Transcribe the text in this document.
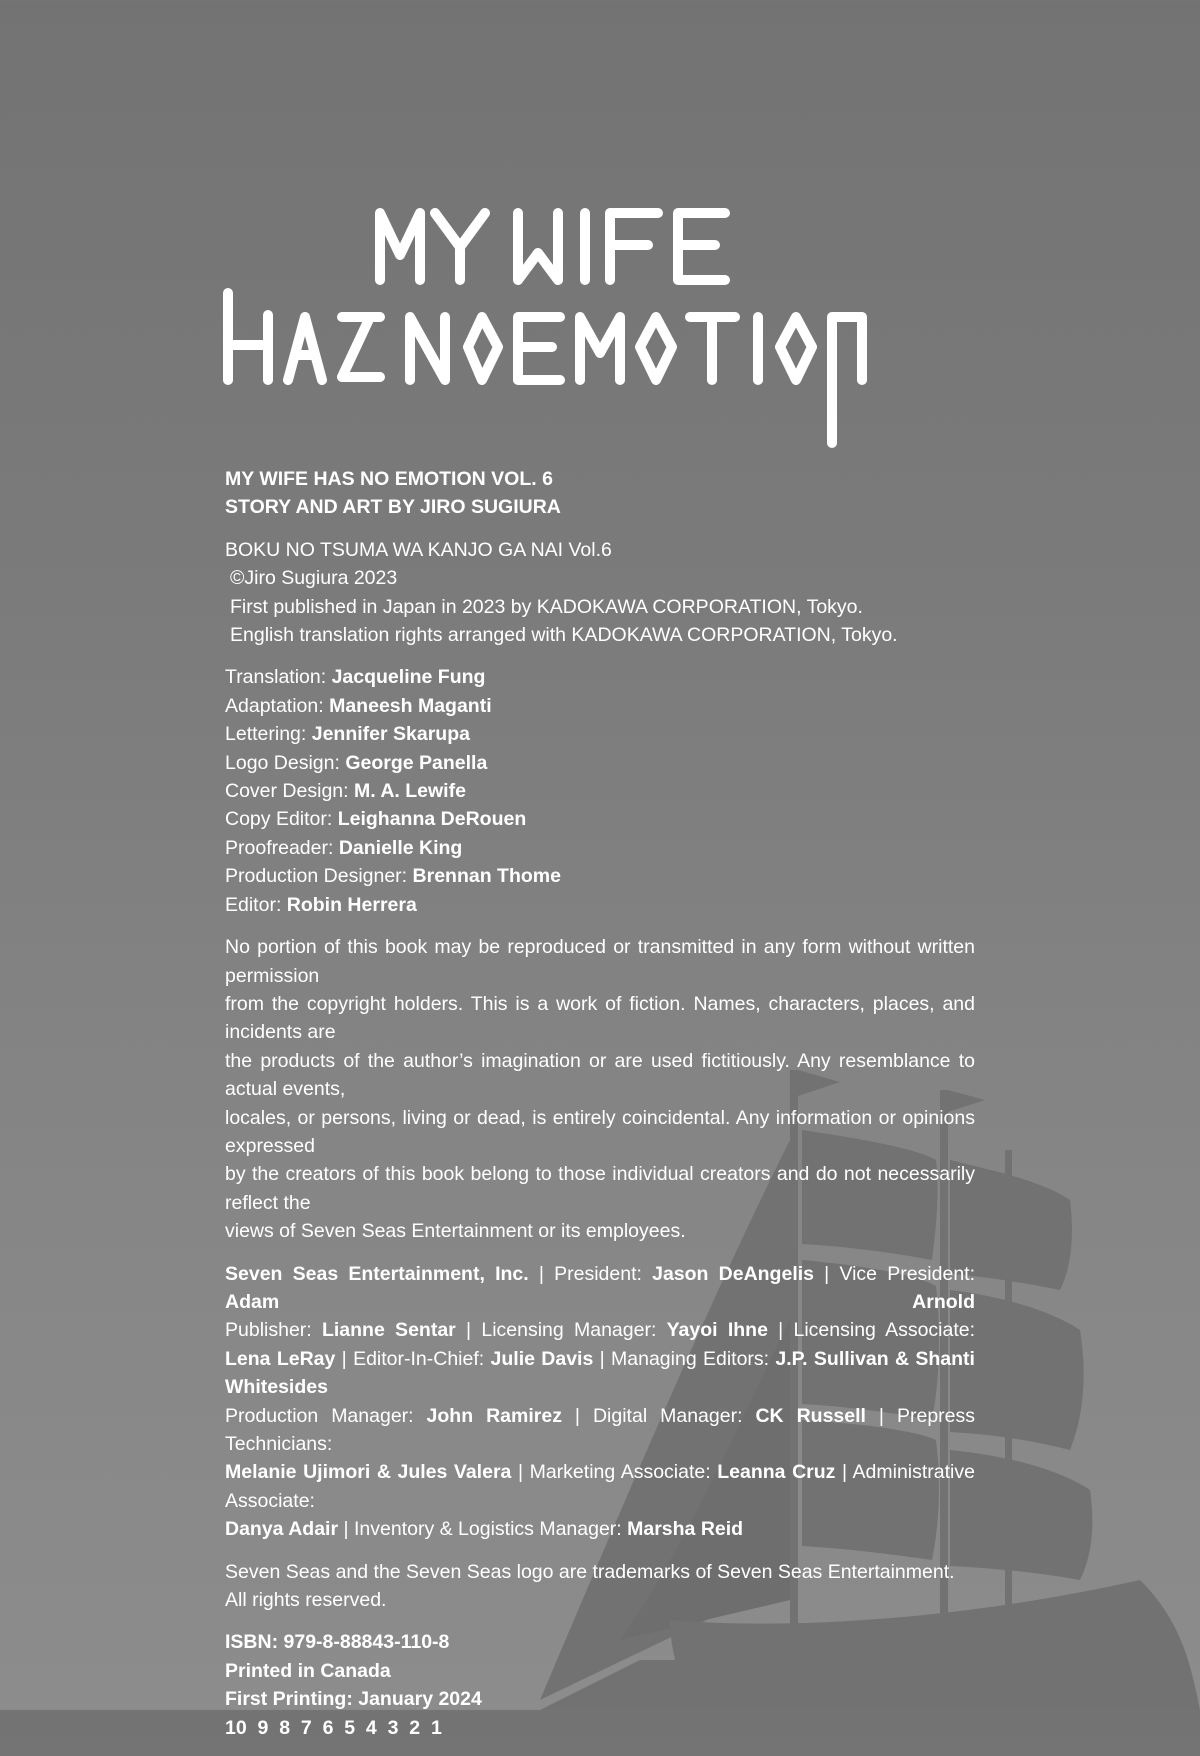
MY WIFE HAS NO EMOTION VOL. 6

STORY AND ART BY JIRO SUGIURA

BOKU NO TSUMA WA KANJO GA NAI Vol.6

©Jiro Sugiura 2023

First published in Japan in 2023 by KADOKAWA CORPORATION, Tokyo.

English translation rights arranged with KADOKAWA CORPORATION, Tokyo.

Translation: Jacqueline Fung

Adaptation: Maneesh Maganti

Lettering: Jennifer Skarupa

Logo Design: George Panella

Cover Design: M. A. Lewife

Copy Editor: Leighanna DeRouen

Proofreader: Danielle King

Production Designer: Brennan Thome

Editor: Robin Herrera

No portion of this book may be reproduced or transmitted in any form without written permission

from the copyright holders. This is a work of fiction. Names, characters, places, and incidents are

the products of the author’s imagination or are used fictitiously. Any resemblance to actual events,

locales, or persons, living or dead, is entirely coincidental. Any information or opinions expressed

by the creators of this book belong to those individual creators and do not necessarily reflect the

views of Seven Seas Entertainment or its employees.

Seven Seas Entertainment, Inc. | President: Jason DeAngelis | Vice President: Adam Arnold
Publisher: Lianne Sentar | Licensing Manager: Yayoi Ihne | Licensing Associate:
Lena LeRay | Editor-In-Chief: Julie Davis | Managing Editors: J.P. Sullivan & Shanti Whitesides
Production Manager: John Ramirez | Digital Manager: CK Russell | Prepress Technicians:
Melanie Ujimori & Jules Valera | Marketing Associate: Leanna Cruz | Administrative Associate:
Danya Adair | Inventory & Logistics Manager: Marsha Reid

Seven Seas and the Seven Seas logo are trademarks of Seven Seas Entertainment.

All rights reserved.

ISBN: 979-8-88843-110-8

Printed in Canada

First Printing: January 2024

10  9  8  7  6  5  4  3  2  1
